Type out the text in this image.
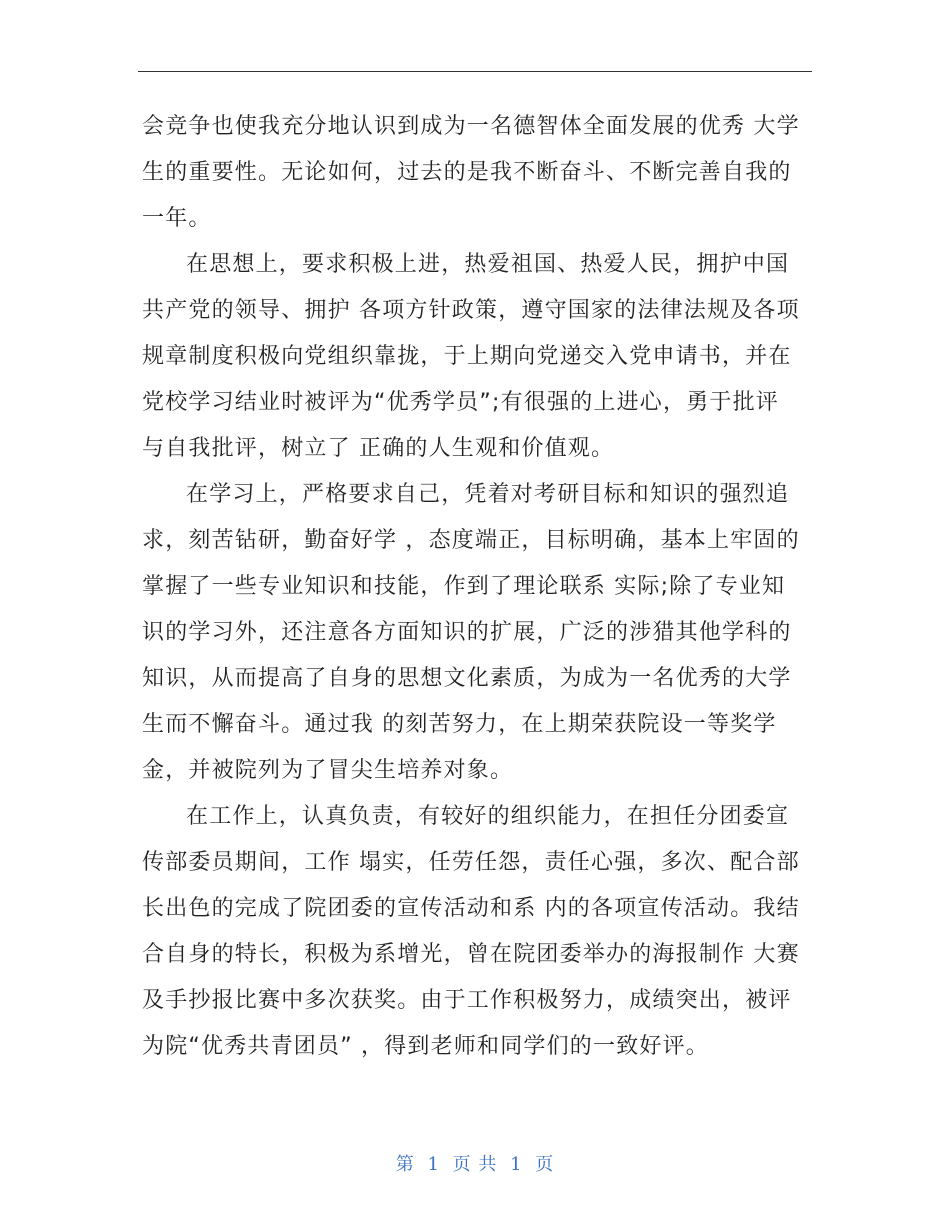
会竞争也使我充分地认识到成为一名德智体全面发展的优秀 大学
生的重要性。无论如何，过去的是我不断奋斗、不断完善自我的
一年。
在思想上，要求积极上进，热爱祖国、热爱人民，拥护中国
共产党的领导、拥护 各项方针政策，遵守国家的法律法规及各项
规章制度积极向党组织靠拢，于上期向党递交入党申请书，并在
党校学习结业时被评为“优秀学员”;有很强的上进心，勇于批评
与自我批评，树立了 正确的人生观和价值观。
在学习上，严格要求自己，凭着对考研目标和知识的强烈追
求，刻苦钻研，勤奋好学 ，态度端正，目标明确，基本上牢固的
掌握了一些专业知识和技能，作到了理论联系 实际;除了专业知
识的学习外，还注意各方面知识的扩展，广泛的涉猎其他学科的
知识，从而提高了自身的思想文化素质，为成为一名优秀的大学
生而不懈奋斗。通过我 的刻苦努力，在上期荣获院设一等奖学
金，并被院列为了冒尖生培养对象。
在工作上，认真负责，有较好的组织能力，在担任分团委宣
传部委员期间，工作 塌实，任劳任怨，责任心强，多次、配合部
长出色的完成了院团委的宣传活动和系 内的各项宣传活动。我结
合自身的特长，积极为系增光，曾在院团委举办的海报制作 大赛
及手抄报比赛中多次获奖。由于工作积极努力，成绩突出，被评
为院“优秀共青团员” ，得到老师和同学们的一致好评。
第 1 页 共 1 页
